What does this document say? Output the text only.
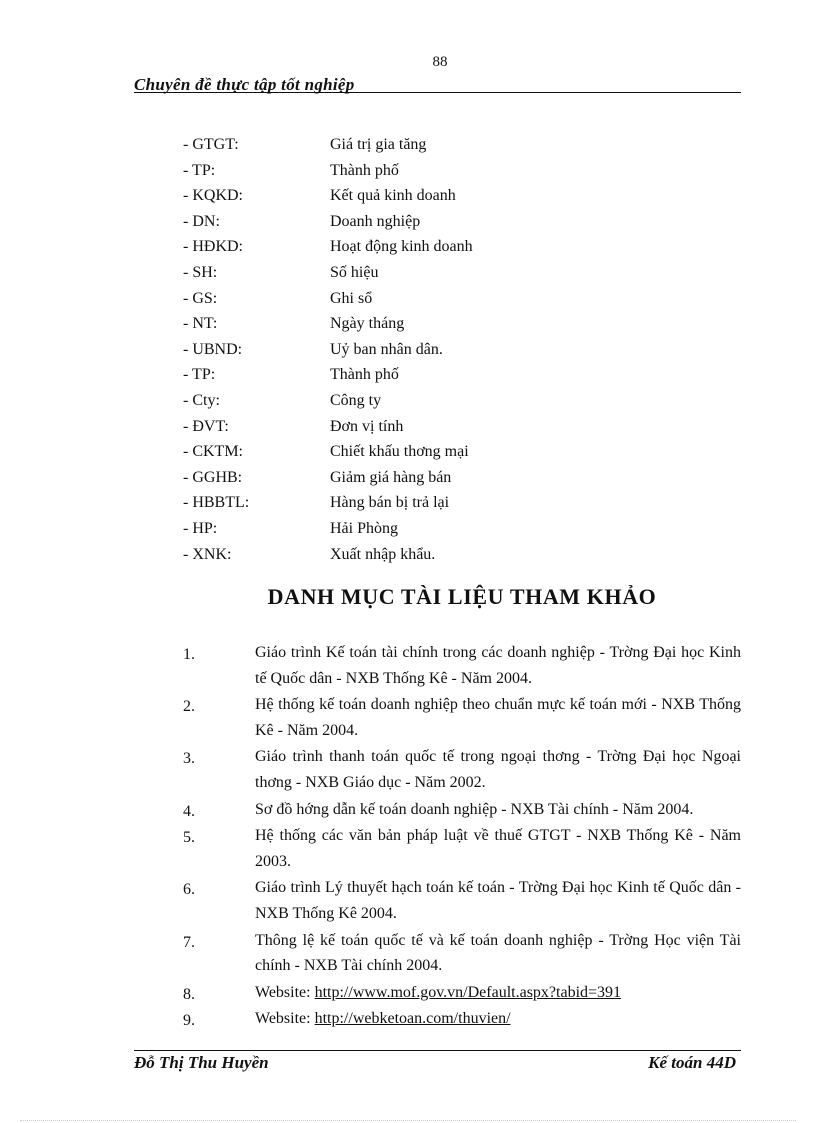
88
Chuyên đề thực tập tốt nghiệp
- GTGT:	Giá trị gia tăng
- TP:	Thành phố
- KQKD:	Kết quả kinh doanh
- DN:	Doanh nghiệp
- HĐKD:	Hoạt động kinh doanh
- SH:	Số hiệu
- GS:	Ghi sổ
- NT:	Ngày tháng
- UBND:	Uỷ ban nhân dân.
- TP:	Thành phố
- Cty:	Công ty
- ĐVT:	Đơn vị tính
- CKTM:	Chiết khấu thơng mại
- GGHB:	Giảm giá hàng bán
- HBBTL:	Hàng bán bị trả lại
- HP:	Hải Phòng
- XNK:	Xuất nhập khẩu.
DANH MỤC TÀI LIỆU THAM KHẢO
1.	Giáo trình Kế toán tài chính trong các doanh nghiệp - Trờng Đại học Kinh tế Quốc dân - NXB Thống Kê - Năm 2004.
2.	Hệ thống kế toán doanh nghiệp theo chuẩn mực kế toán mới - NXB Thống Kê - Năm 2004.
3.	Giáo trình thanh toán quốc tế trong ngoại thơng - Trờng Đại học Ngoại thơng - NXB Giáo dục - Năm 2002.
4.	Sơ đồ hớng dẫn kế toán doanh nghiệp - NXB Tài chính - Năm 2004.
5.	Hệ thống các văn bản pháp luật về thuế GTGT - NXB Thống Kê - Năm 2003.
6.	Giáo trình Lý thuyết hạch toán kế toán - Trờng Đại học Kinh tế Quốc dân - NXB Thống Kê 2004.
7.	Thông lệ kế toán quốc tế và kế toán doanh nghiệp - Trờng Học viện Tài chính - NXB Tài chính 2004.
8.	Website: http://www.mof.gov.vn/Default.aspx?tabid=391
9.	Website: http://webketoan.com/thuvien/
Đỗ Thị Thu Huyền	Kế toán 44D
